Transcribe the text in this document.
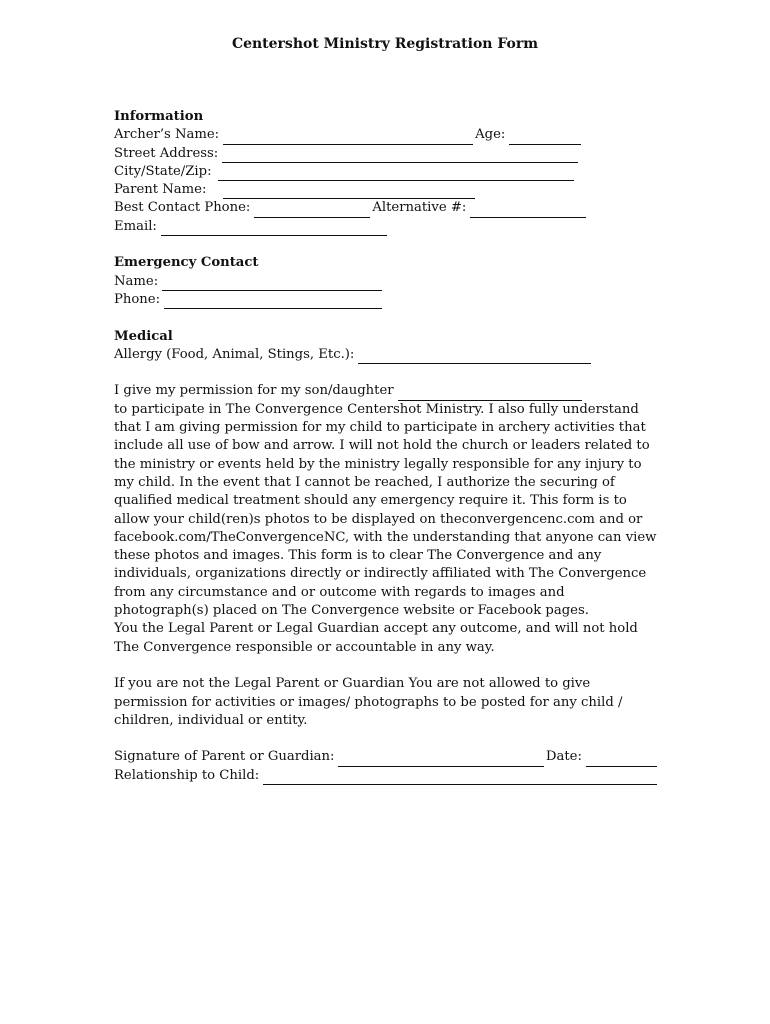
Centershot Ministry Registration Form
Information
Archer’s Name:	Age:
Street Address:
City/State/Zip:
Parent Name:
Best Contact Phone:	Alternative #:
Email:
Emergency Contact
Name:
Phone:
Medical
Allergy (Food, Animal, Stings, Etc.):
I give my permission for my son/daughter

to participate in The Convergence Centershot Ministry. I also fully understand that I am giving permission for my child to participate in archery activities that include all use of bow and arrow. I will not hold the church or leaders related to the ministry or events held by the ministry legally responsible for any injury to my child. In the event that I cannot be reached, I authorize the securing of qualified medical treatment should any emergency require it. This form is to allow your child(ren)s photos to be displayed on theconvergencenc.com and or facebook.com/TheConvergenceNC, with the understanding that anyone can view these photos and images. This form is to clear The Convergence and any individuals, organizations directly or indirectly affiliated with The Convergence from any circumstance and or outcome with regards to images and photograph(s) placed on The Convergence website or Facebook pages.

You the Legal Parent or Legal Guardian accept any outcome, and will not hold The Convergence responsible or accountable in any way.

If you are not the Legal Parent or Guardian You are not allowed to give permission for activities or images/ photographs to be posted for any child / children, individual or entity.

Signature of Parent or Guardian:	Date:
Relationship to Child:
